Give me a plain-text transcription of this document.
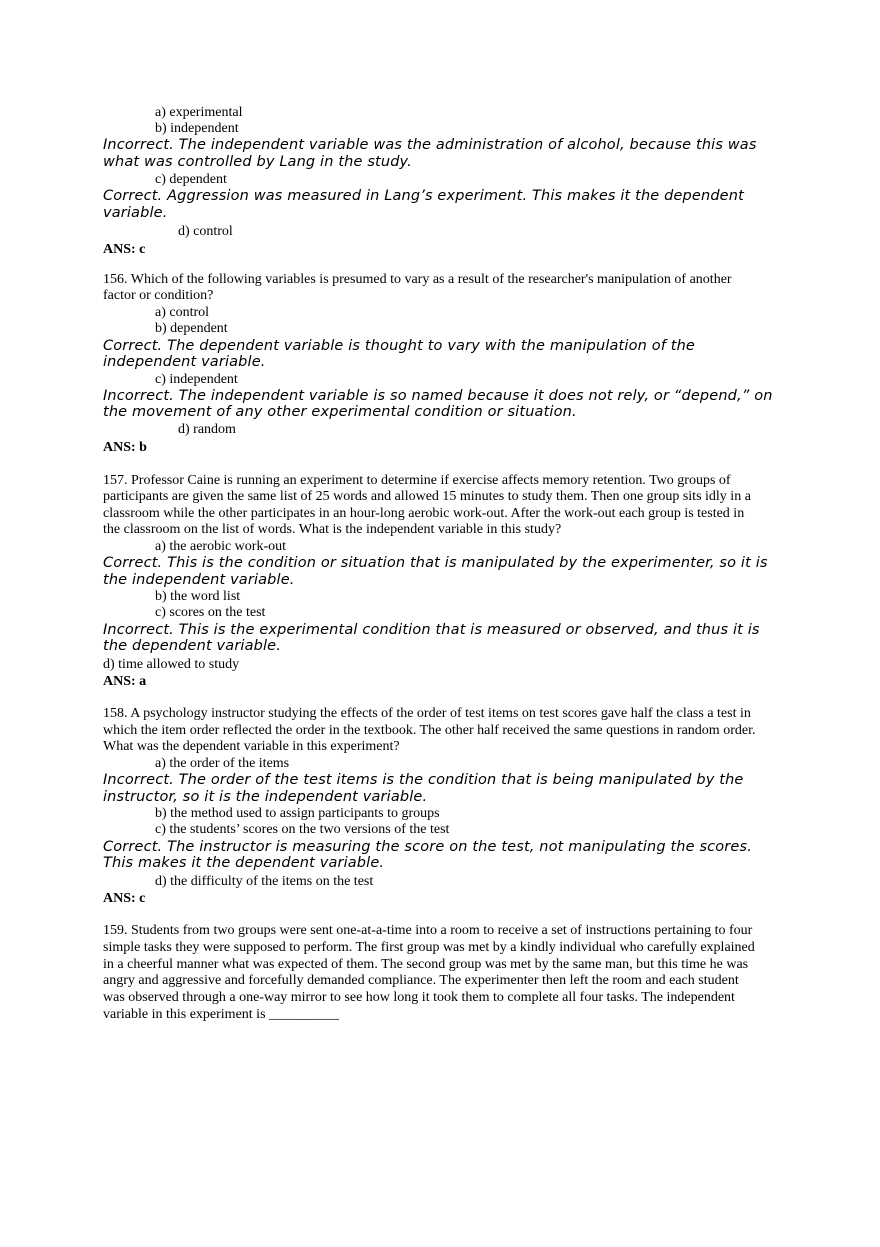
a) experimental
b) independent
Incorrect. The independent variable was the administration of alcohol, because this was
what was controlled by Lang in the study.
c) dependent
Correct. Aggression was measured in Lang’s experiment. This makes it the dependent
variable.
d) control
ANS: c
156. Which of the following variables is presumed to vary as a result of the researcher's manipulation of another
factor or condition?
a) control
b) dependent
Correct. The dependent variable is thought to vary with the manipulation of the
independent variable.
c) independent
Incorrect. The independent variable is so named because it does not rely, or “depend,” on
the movement of any other experimental condition or situation.
d) random
ANS: b
157. Professor Caine is running an experiment to determine if exercise affects memory retention. Two groups of
participants are given the same list of 25 words and allowed 15 minutes to study them. Then one group sits idly in a
classroom while the other participates in an hour-long aerobic work-out. After the work-out each group is tested in
the classroom on the list of words. What is the independent variable in this study?
a) the aerobic work-out
Correct. This is the condition or situation that is manipulated by the experimenter, so it is
the independent variable.
b) the word list
c) scores on the test
Incorrect. This is the experimental condition that is measured or observed, and thus it is
the dependent variable.
d) time allowed to study
ANS: a
158. A psychology instructor studying the effects of the order of test items on test scores gave half the class a test in
which the item order reflected the order in the textbook. The other half received the same questions in random order.
What was the dependent variable in this experiment?
a) the order of the items
Incorrect. The order of the test items is the condition that is being manipulated by the
instructor, so it is the independent variable.
b) the method used to assign participants to groups
c) the students’ scores on the two versions of the test
Correct. The instructor is measuring the score on the test, not manipulating the scores.
This makes it the dependent variable.
d) the difficulty of the items on the test
ANS: c
159. Students from two groups were sent one-at-a-time into a room to receive a set of instructions pertaining to four
simple tasks they were supposed to perform. The first group was met by a kindly individual who carefully explained
in a cheerful manner what was expected of them. The second group was met by the same man, but this time he was
angry and aggressive and forcefully demanded compliance. The experimenter then left the room and each student
was observed through a one-way mirror to see how long it took them to complete all four tasks. The independent
variable in this experiment is __________
